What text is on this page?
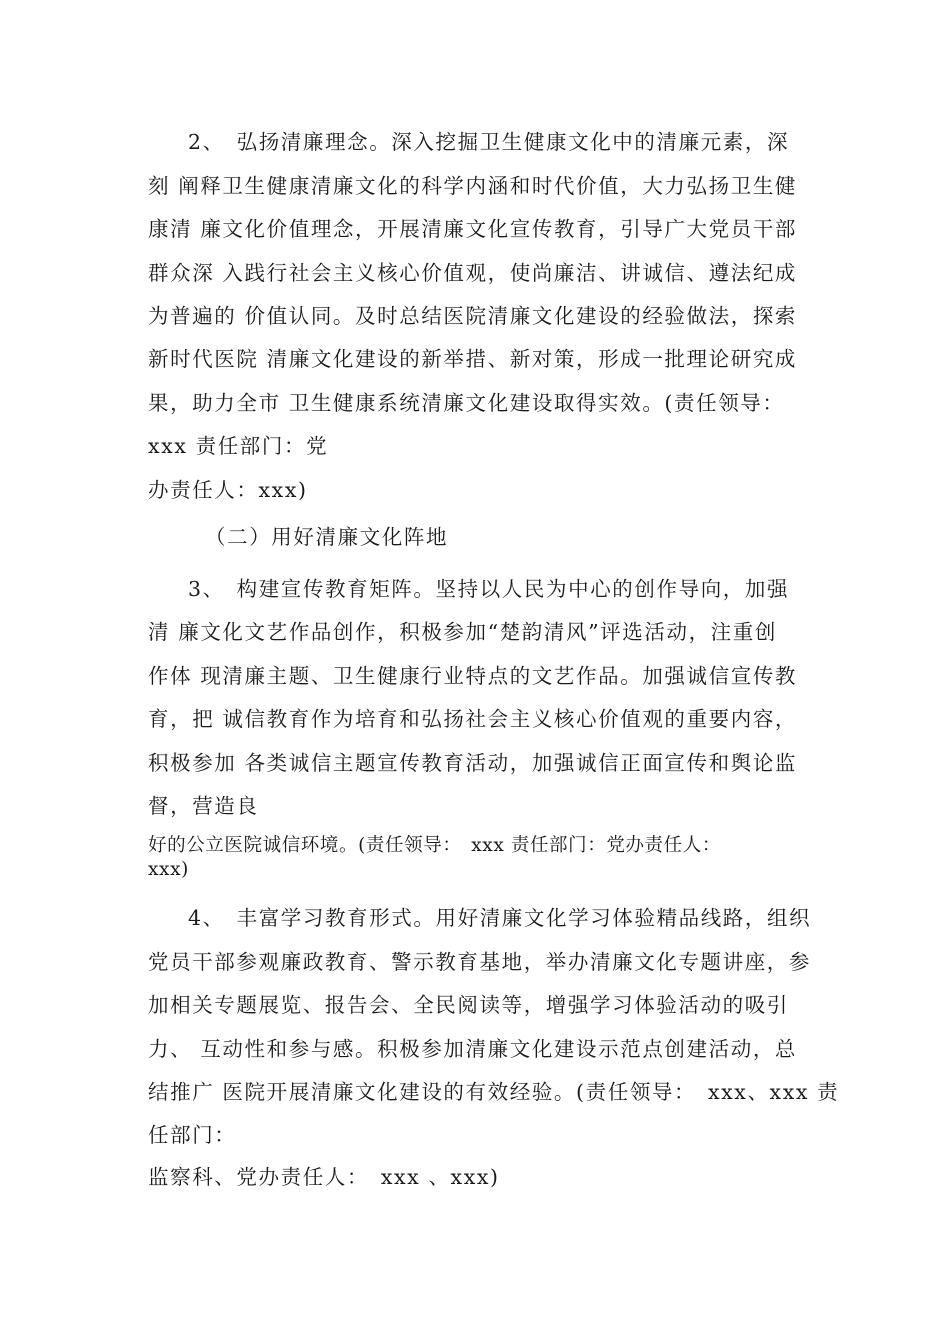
2、　弘扬清廉理念。深入挖掘卫生健康文化中的清廉元素，深
刻 阐释卫生健康清廉文化的科学内涵和时代价值，大力弘扬卫生健
康清 廉文化价值理念，开展清廉文化宣传教育，引导广大党员干部
群众深 入践行社会主义核心价值观，使尚廉洁、讲诚信、遵法纪成
为普遍的 价值认同。及时总结医院清廉文化建设的经验做法，探索
新时代医院 清廉文化建设的新举措、新对策，形成一批理论研究成
果，助力全市 卫生健康系统清廉文化建设取得实效。(责任领导：
xxx 责任部门：党
办责任人：xxx)
（二）用好清廉文化阵地
3、　构建宣传教育矩阵。坚持以人民为中心的创作导向，加强
清 廉文化文艺作品创作，积极参加“楚韵清风”评选活动，注重创
作体 现清廉主题、卫生健康行业特点的文艺作品。加强诚信宣传教
育，把 诚信教育作为培育和弘扬社会主义核心价值观的重要内容，
积极参加 各类诚信主题宣传教育活动，加强诚信正面宣传和舆论监
督，营造良
好的公立医院诚信环境。(责任领导：　xxx 责任部门：党办责任人：
xxx)
4、　丰富学习教育形式。用好清廉文化学习体验精品线路，组织
党员干部参观廉政教育、警示教育基地，举办清廉文化专题讲座，参
加相关专题展览、报告会、全民阅读等，增强学习体验活动的吸引
力、 互动性和参与感。积极参加清廉文化建设示范点创建活动，总
结推广 医院开展清廉文化建设的有效经验。(责任领导：　xxx、xxx 责
任部门：
监察科、党办责任人：　xxx 、xxx)
